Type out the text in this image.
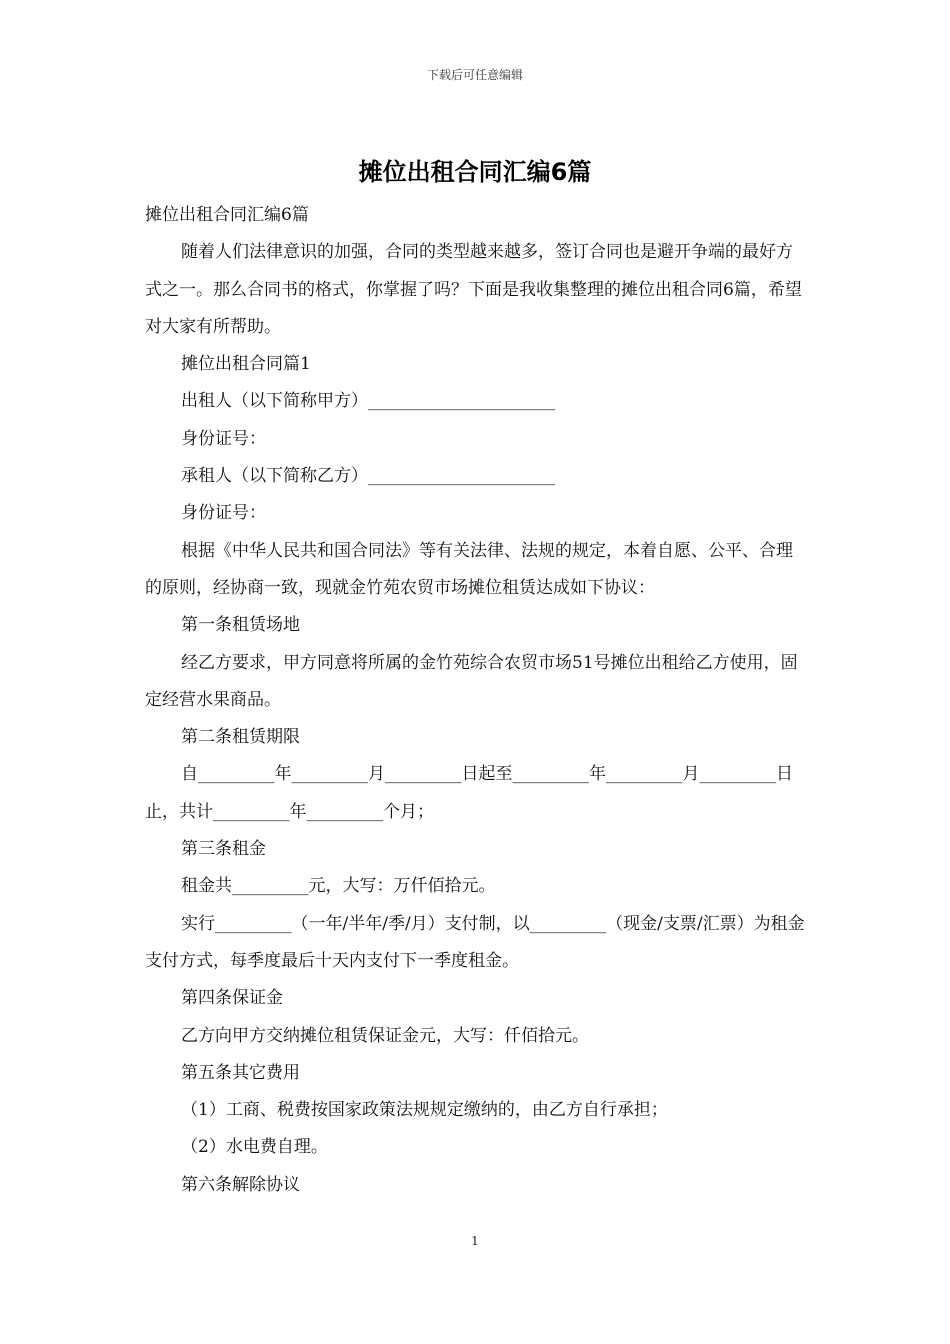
下载后可任意编辑
摊位出租合同汇编6篇

摊位出租合同汇编6篇

随着人们法律意识的加强，合同的类型越来越多，签订合同也是避开争端的最好方式之一。那么合同书的格式，你掌握了吗？下面是我收集整理的摊位出租合同6篇，希望对大家有所帮助。

摊位出租合同篇1

出租人（以下简称甲方）______________________

身份证号：

承租人（以下简称乙方）______________________

身份证号：

根据《中华人民共和国合同法》等有关法律、法规的规定，本着自愿、公平、合理的原则，经协商一致，现就金竹苑农贸市场摊位租赁达成如下协议：

第一条租赁场地

经乙方要求，甲方同意将所属的金竹苑综合农贸市场51号摊位出租给乙方使用，固定经营水果商品。

第二条租赁期限

自_________年_________月_________日起至_________年_________月_________日止，共计_________年_________个月；

第三条租金

租金共_________元，大写：万仟佰拾元。

实行_________（一年/半年/季/月）支付制，以_________（现金/支票/汇票）为租金支付方式，每季度最后十天内支付下一季度租金。

第四条保证金

乙方向甲方交纳摊位租赁保证金元，大写：仟佰拾元。

第五条其它费用

（1）工商、税费按国家政策法规规定缴纳的，由乙方自行承担；

（2）水电费自理。

第六条解除协议

1
